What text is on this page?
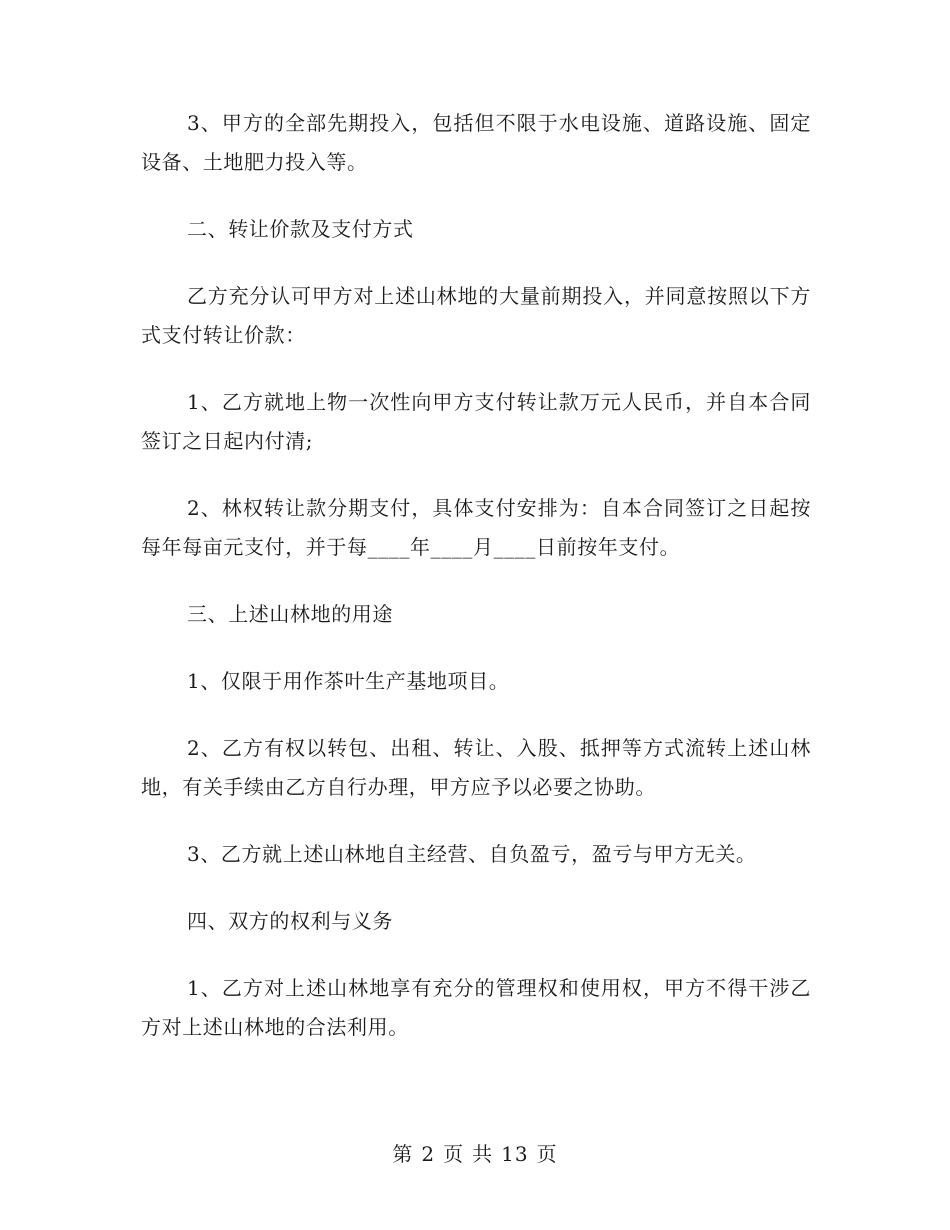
3、甲方的全部先期投入，包括但不限于水电设施、道路设施、固定设备、土地肥力投入等。

二、转让价款及支付方式

乙方充分认可甲方对上述山林地的大量前期投入，并同意按照以下方式支付转让价款：

1、乙方就地上物一次性向甲方支付转让款万元人民币，并自本合同签订之日起内付清;

2、林权转让款分期支付，具体支付安排为：自本合同签订之日起按每年每亩元支付，并于每____年____月____日前按年支付。

三、上述山林地的用途

1、仅限于用作茶叶生产基地项目。

2、乙方有权以转包、出租、转让、入股、抵押等方式流转上述山林地，有关手续由乙方自行办理，甲方应予以必要之协助。

3、乙方就上述山林地自主经营、自负盈亏，盈亏与甲方无关。

四、双方的权利与义务

1、乙方对上述山林地享有充分的管理权和使用权，甲方不得干涉乙方对上述山林地的合法利用。

第 2 页 共 13 页
